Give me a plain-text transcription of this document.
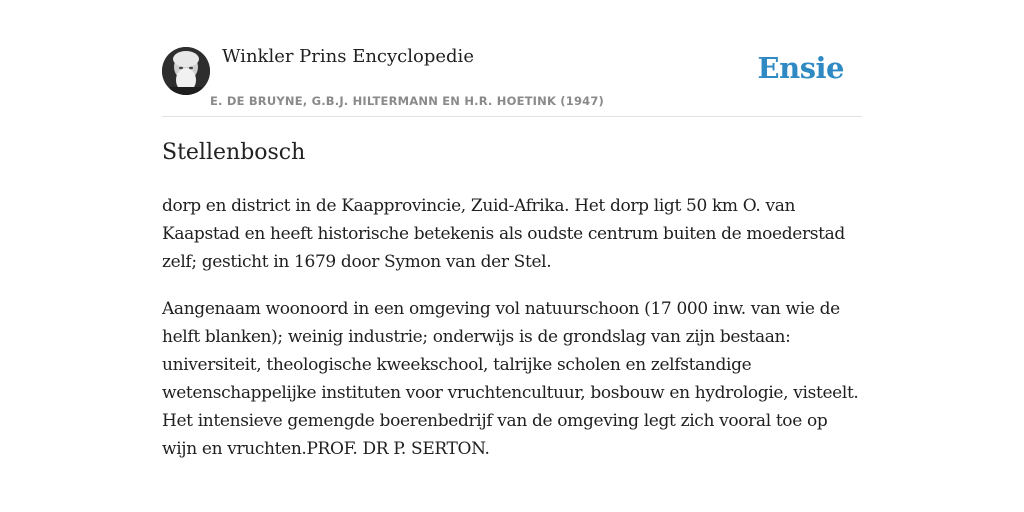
Winkler Prins Encyclopedie
E. DE BRUYNE, G.B.J. HILTERMANN EN H.R. HOETINK (1947)
Ensie
Stellenbosch

dorp en district in de Kaapprovincie, Zuid-Afrika. Het dorp ligt 50 km O. van Kaapstad en heeft historische betekenis als oudste centrum buiten de moederstad zelf; gesticht in 1679 door Symon van der Stel.

Aangenaam woonoord in een omgeving vol natuurschoon (17 000 inw. van wie de helft blanken); weinig industrie; onderwijs is de grondslag van zijn bestaan: universiteit, theologische kweekschool, talrijke scholen en zelfstandige wetenschappelijke instituten voor vruchtencultuur, bosbouw en hydrologie, visteelt. Het intensieve gemengde boerenbedrijf van de omgeving legt zich vooral toe op wijn en vruchten.PROF. DR P. SERTON.
